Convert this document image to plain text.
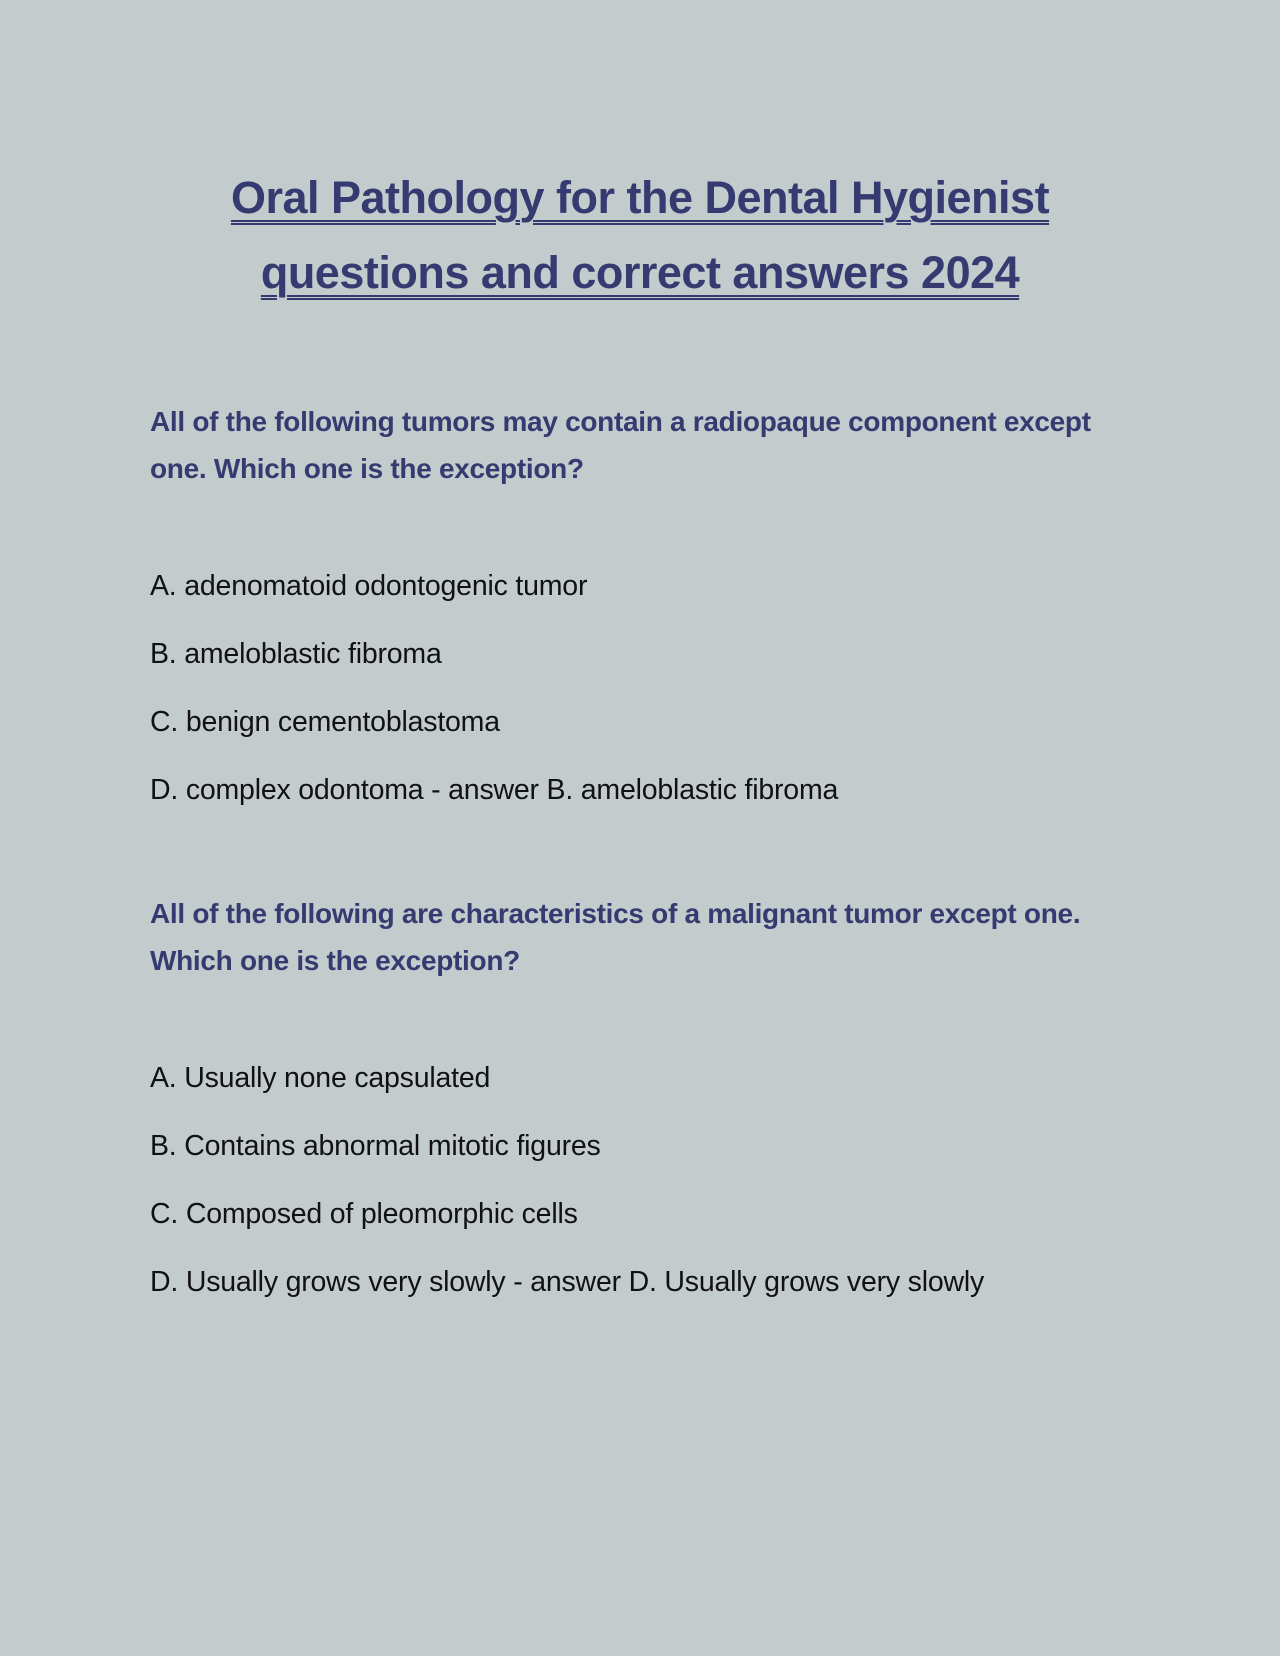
Oral Pathology for the Dental Hygienist
questions and correct answers 2024

All of the following tumors may contain a radiopaque component except one. Which one is the exception?

A. adenomatoid odontogenic tumor
B. ameloblastic fibroma
C. benign cementoblastoma
D. complex odontoma - answer B. ameloblastic fibroma

All of the following are characteristics of a malignant tumor except one. Which one is the exception?

A. Usually none capsulated
B. Contains abnormal mitotic figures
C. Composed of pleomorphic cells
D. Usually grows very slowly - answer D. Usually grows very slowly
